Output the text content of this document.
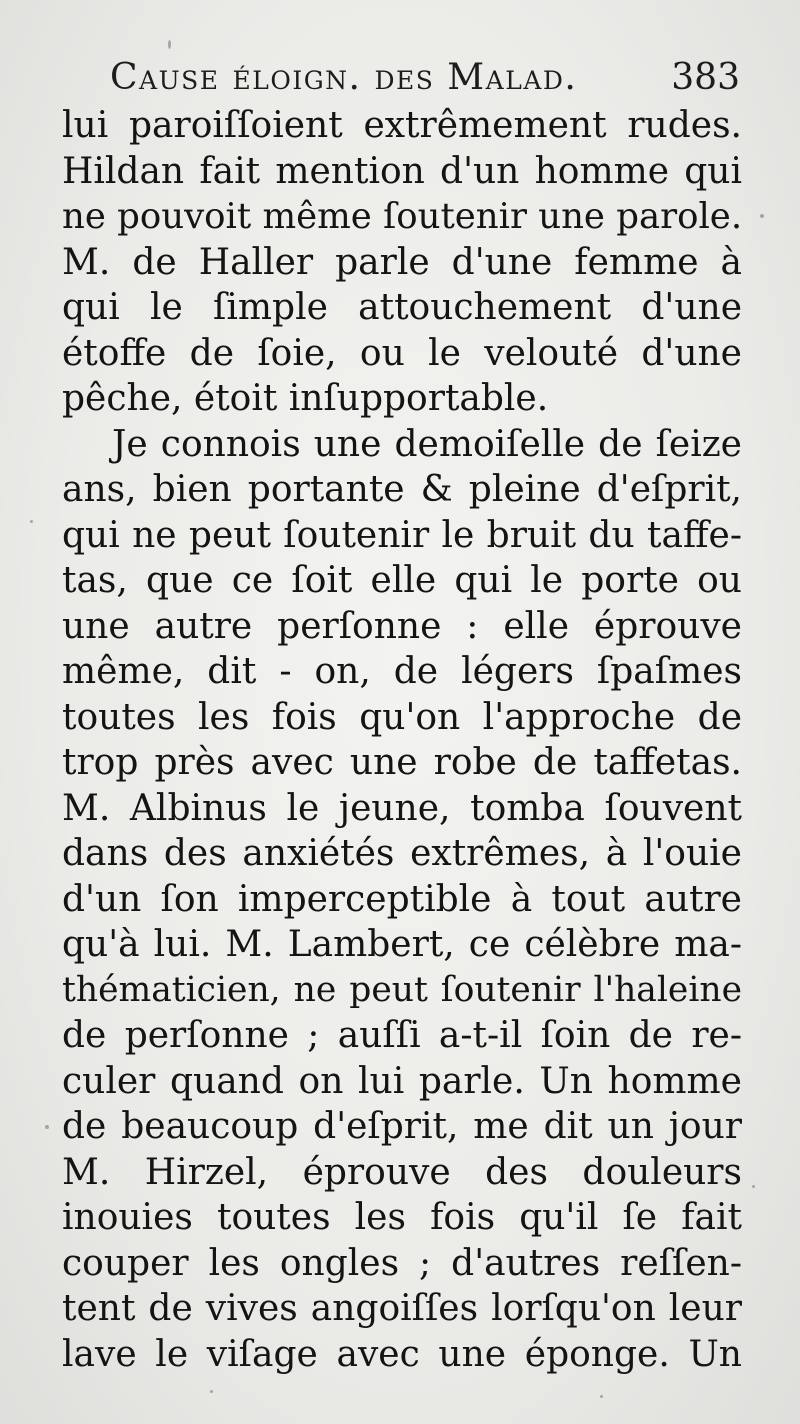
Cause éloign. des Malad.	383
lui paroiſſoient extrêmement rudes.
Hildan fait mention d'un homme qui
ne pouvoit même ſoutenir une parole.
M. de Haller parle d'une femme à
qui le ſimple attouchement d'une
étoffe de ſoie, ou le velouté d'une
pêche, étoit inſupportable.
Je connois une demoiſelle de ſeize
ans, bien portante & pleine d'eſprit,
qui ne peut ſoutenir le bruit du taffe-
tas, que ce ſoit elle qui le porte ou
une autre perſonne : elle éprouve
même, dit - on, de légers ſpaſmes
toutes les fois qu'on l'approche de
trop près avec une robe de taffetas.
M. Albinus le jeune, tomba ſouvent
dans des anxiétés extrêmes, à l'ouie
d'un ſon imperceptible à tout autre
qu'à lui. M. Lambert, ce célèbre ma-
thématicien, ne peut ſoutenir l'haleine
de perſonne ; auſſi a-t-il ſoin de re-
culer quand on lui parle. Un homme
de beaucoup d'eſprit, me dit un jour
M. Hirzel, éprouve des douleurs
inouies toutes les fois qu'il ſe fait
couper les ongles ; d'autres reſſen-
tent de vives angoiſſes lorſqu'on leur
lave le viſage avec une éponge. Un
